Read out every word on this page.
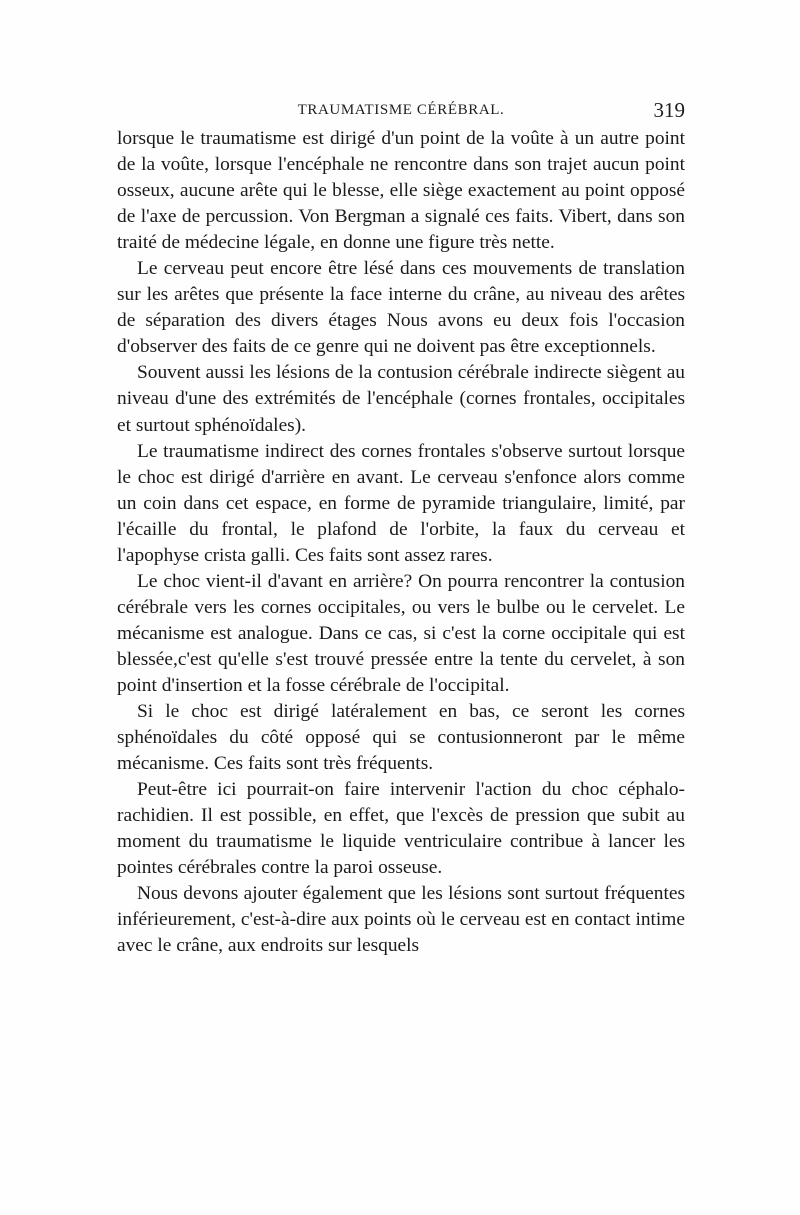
TRAUMATISME CÉRÉBRAL.	319

lorsque le traumatisme est dirigé d'un point de la voûte à un autre point de la voûte, lorsque l'encéphale ne rencontre dans son trajet aucun point osseux, aucune arête qui le blesse, elle siège exactement au point opposé de l'axe de percussion. Von Bergman a signalé ces faits. Vibert, dans son traité de médecine légale, en donne une figure très nette.

Le cerveau peut encore être lésé dans ces mouvements de translation sur les arêtes que présente la face interne du crâne, au niveau des arêtes de séparation des divers étages Nous avons eu deux fois l'occasion d'observer des faits de ce genre qui ne doivent pas être exceptionnels.

Souvent aussi les lésions de la contusion cérébrale indirecte siègent au niveau d'une des extrémités de l'encéphale (cornes frontales, occipitales et surtout sphénoïdales).

Le traumatisme indirect des cornes frontales s'observe surtout lorsque le choc est dirigé d'arrière en avant. Le cerveau s'enfonce alors comme un coin dans cet espace, en forme de pyramide triangulaire, limité, par l'écaille du frontal, le plafond de l'orbite, la faux du cerveau et l'apophyse crista galli. Ces faits sont assez rares.

Le choc vient-il d'avant en arrière? On pourra rencontrer la contusion cérébrale vers les cornes occipitales, ou vers le bulbe ou le cervelet. Le mécanisme est analogue. Dans ce cas, si c'est la corne occipitale qui est blessée,c'est qu'elle s'est trouvé pressée entre la tente du cervelet, à son point d'insertion et la fosse cérébrale de l'occipital.

Si le choc est dirigé latéralement en bas, ce seront les cornes sphénoïdales du côté opposé qui se contusionneront par le même mécanisme. Ces faits sont très fréquents.

Peut-être ici pourrait-on faire intervenir l'action du choc céphalo-rachidien. Il est possible, en effet, que l'excès de pression que subit au moment du traumatisme le liquide ventriculaire contribue à lancer les pointes cérébrales contre la paroi osseuse.

Nous devons ajouter également que les lésions sont surtout fréquentes inférieurement, c'est-à-dire aux points où le cerveau est en contact intime avec le crâne, aux endroits sur lesquels
